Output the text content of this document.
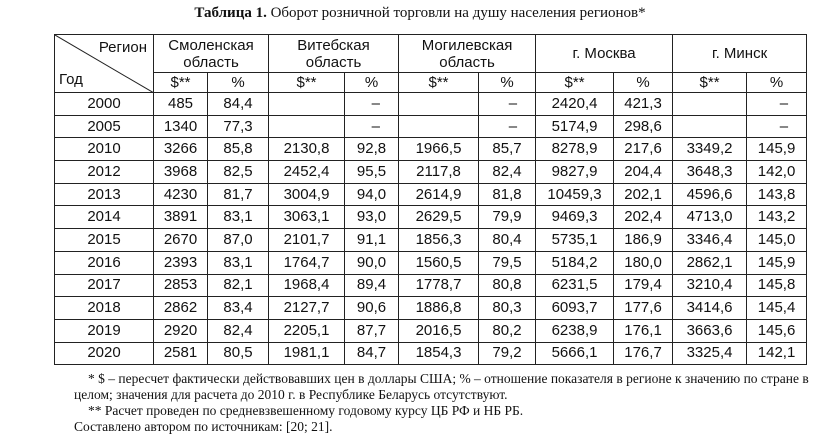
Таблица 1. Оборот розничной торговли на душу населения регионов*
Регион
Год	Смоленская область		Витебская область		Могилевская область		г. Москва		г. Минск	
	$**	%	$**	%	$**	%	$**	%	$**	%
2000	485	84,4		–		–	2420,4	421,3		–
2005	1340	77,3		–		–	5174,9	298,6		–
2010	3266	85,8	2130,8	92,8	1966,5	85,7	8278,9	217,6	3349,2	145,9
2012	3968	82,5	2452,4	95,5	2117,8	82,4	9827,9	204,4	3648,3	142,0
2013	4230	81,7	3004,9	94,0	2614,9	81,8	10459,3	202,1	4596,6	143,8
2014	3891	83,1	3063,1	93,0	2629,5	79,9	9469,3	202,4	4713,0	143,2
2015	2670	87,0	2101,7	91,1	1856,3	80,4	5735,1	186,9	3346,4	145,0
2016	2393	83,1	1764,7	90,0	1560,5	79,5	5184,2	180,0	2862,1	145,9
2017	2853	82,1	1968,4	89,4	1778,7	80,8	6231,5	179,4	3210,4	145,8
2018	2862	83,4	2127,7	90,6	1886,8	80,3	6093,7	177,6	3414,6	145,4
2019	2920	82,4	2205,1	87,7	2016,5	80,2	6238,9	176,1	3663,6	145,6
2020	2581	80,5	1981,1	84,7	1854,3	79,2	5666,1	176,7	3325,4	142,1
* $ – пересчет фактически действовавших цен в доллары США; % – отношение показателя в регионе к значению по стране в целом; значения для расчета до 2010 г. в Республике Беларусь отсутствуют.
** Расчет проведен по средневзвешенному годовому курсу ЦБ РФ и НБ РБ.
Составлено автором по источникам: [20; 21].
